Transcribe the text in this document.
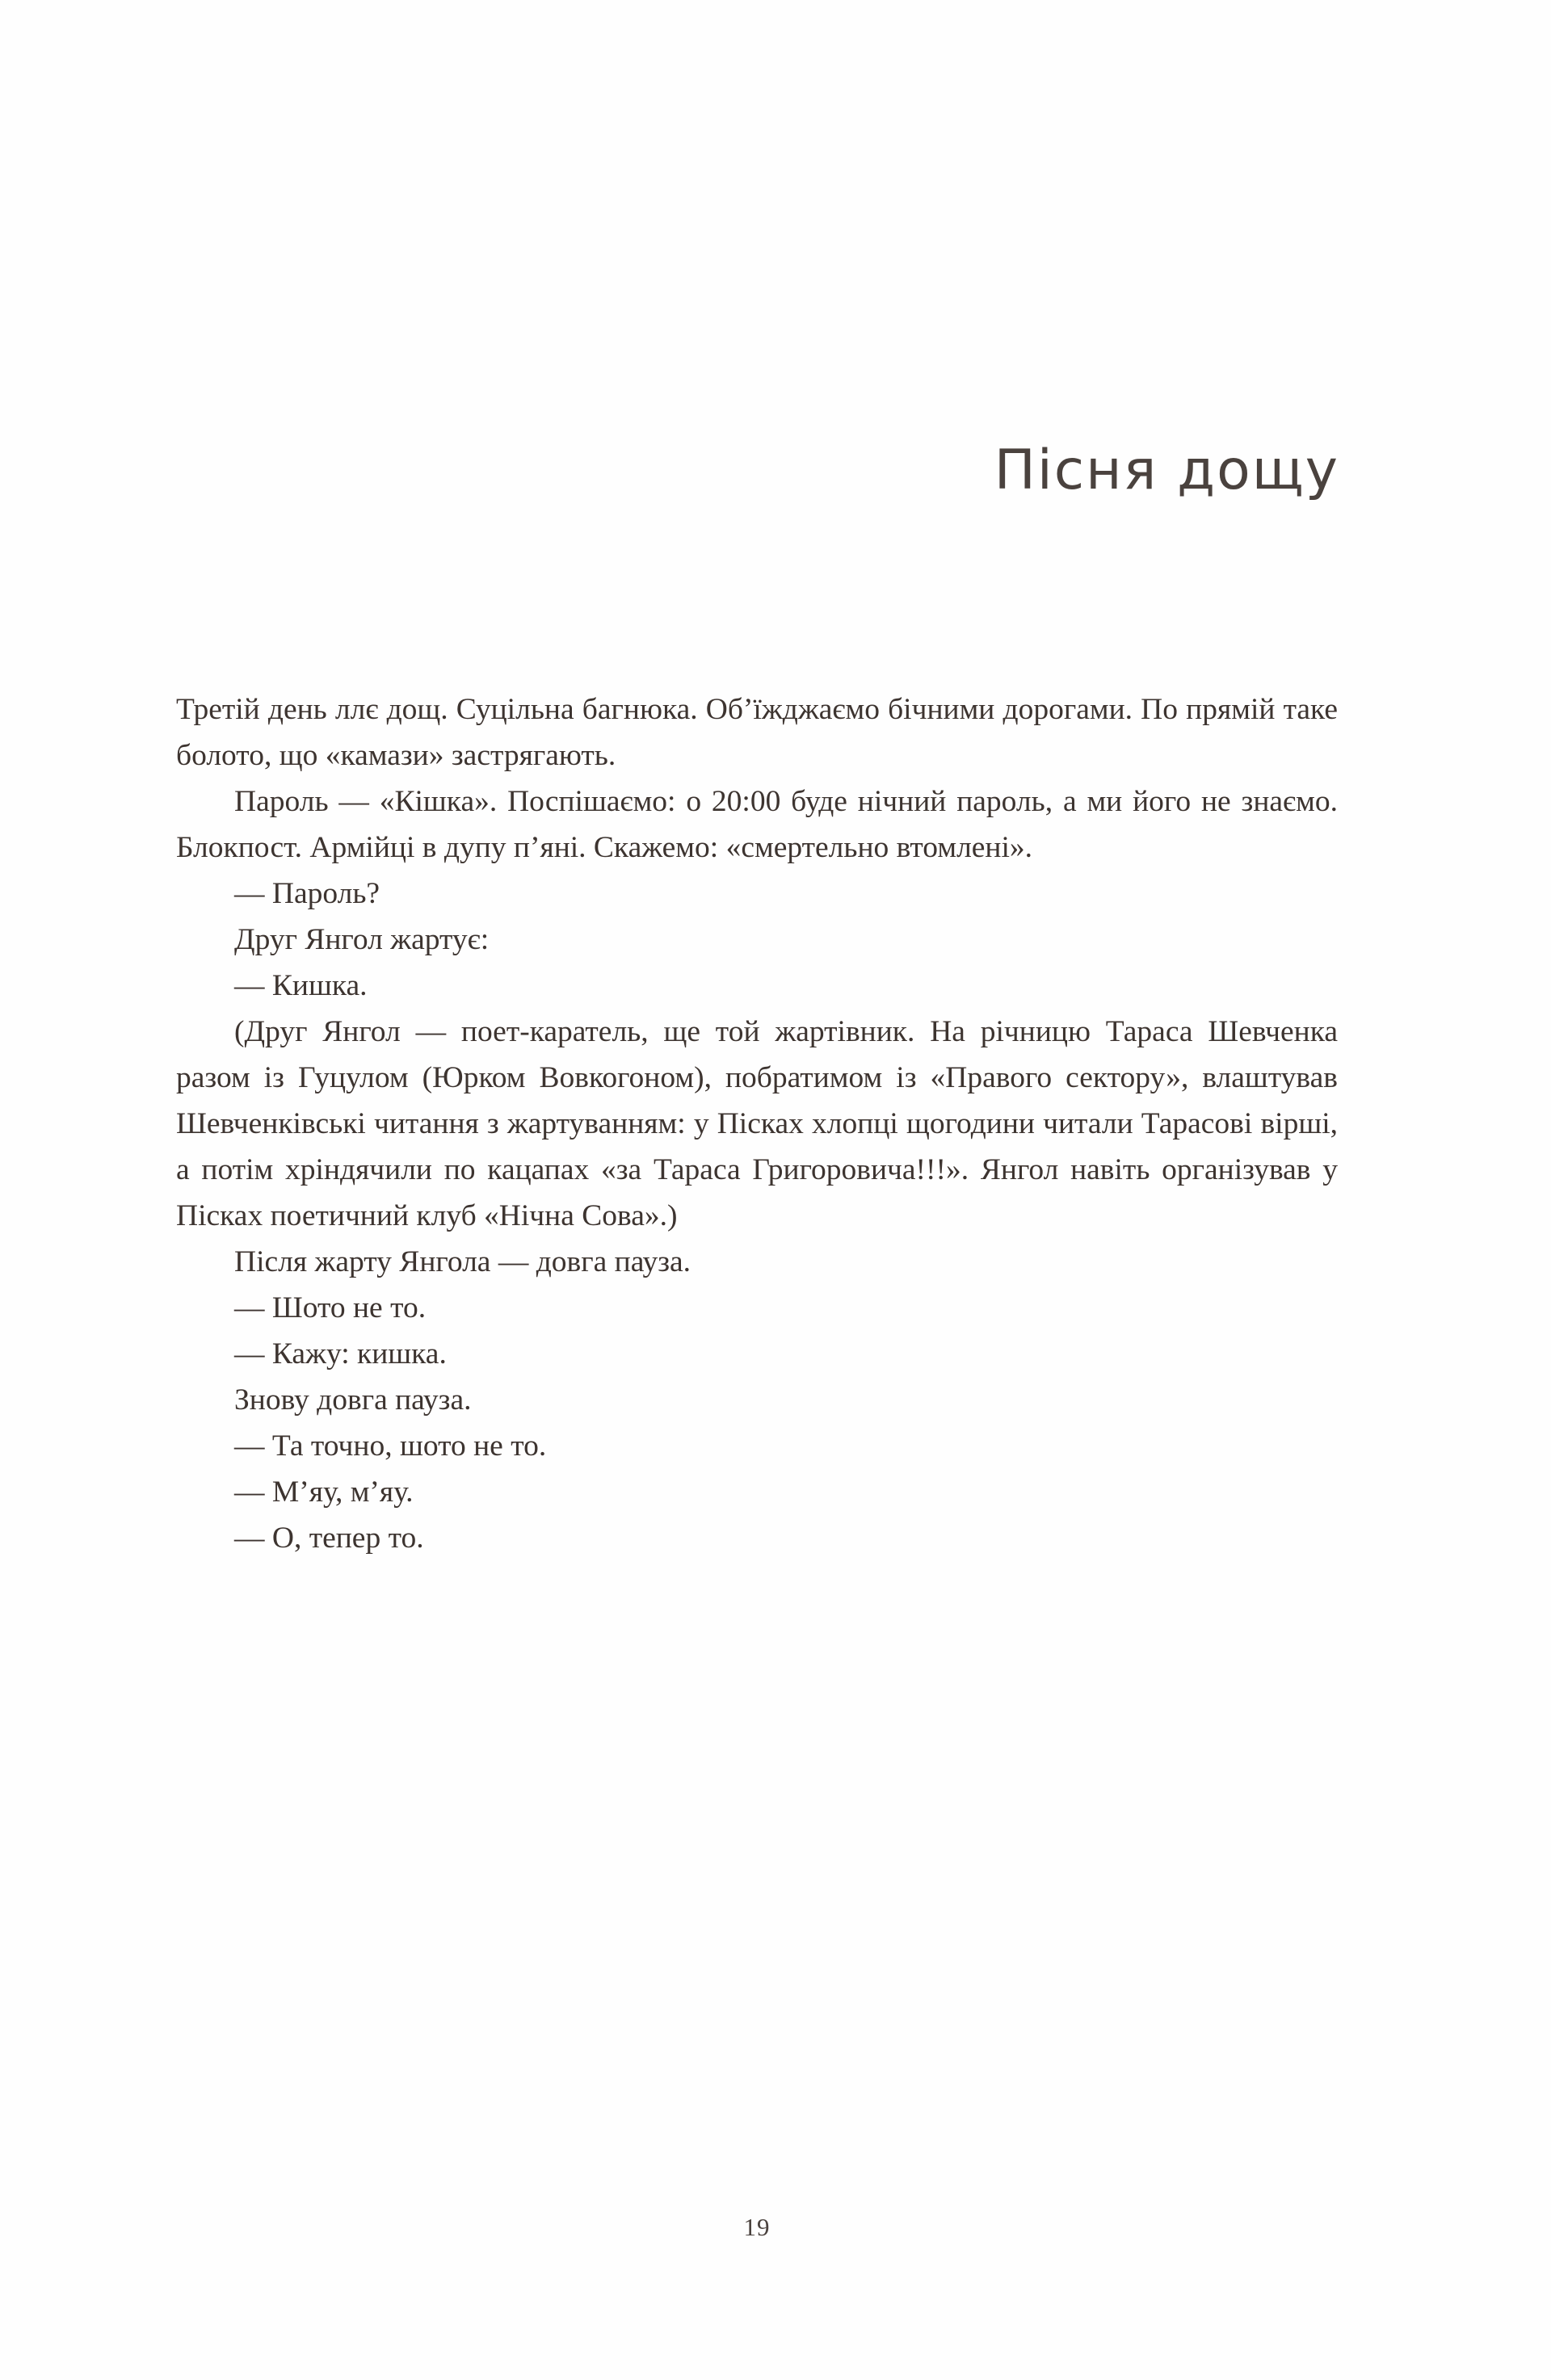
Пісня дощу

Третій день ллє дощ. Суцільна багнюка. Об’їжджаємо бічними дорогами. По прямій таке болото, що «камази» застрягають.

Пароль — «Кішка». Поспішаємо: о 20:00 буде нічний пароль, а ми його не знаємо. Блокпост. Армійці в дупу п’яні. Скажемо: «смертельно втомлені».

— Пароль?

Друг Янгол жартує:

— Кишка.

(Друг Янгол — поет-каратель, ще той жартівник. На річницю Тараса Шевченка разом із Гуцулом (Юрком Вовкогоном), побратимом із «Правого сектору», влаштував Шевченківські читання з жартуванням: у Пісках хлопці щогодини читали Тарасові вірші, а потім хріндячили по кацапах «за Тараса Григоровича!!!». Янгол навіть організував у Пісках поетичний клуб «Нічна Сова».)

Після жарту Янгола — довга пауза.

— Шото не то.

— Кажу: кишка.

Знову довга пауза.

— Та точно, шото не то.

— М’яу, м’яу.

— О, тепер то.

19
